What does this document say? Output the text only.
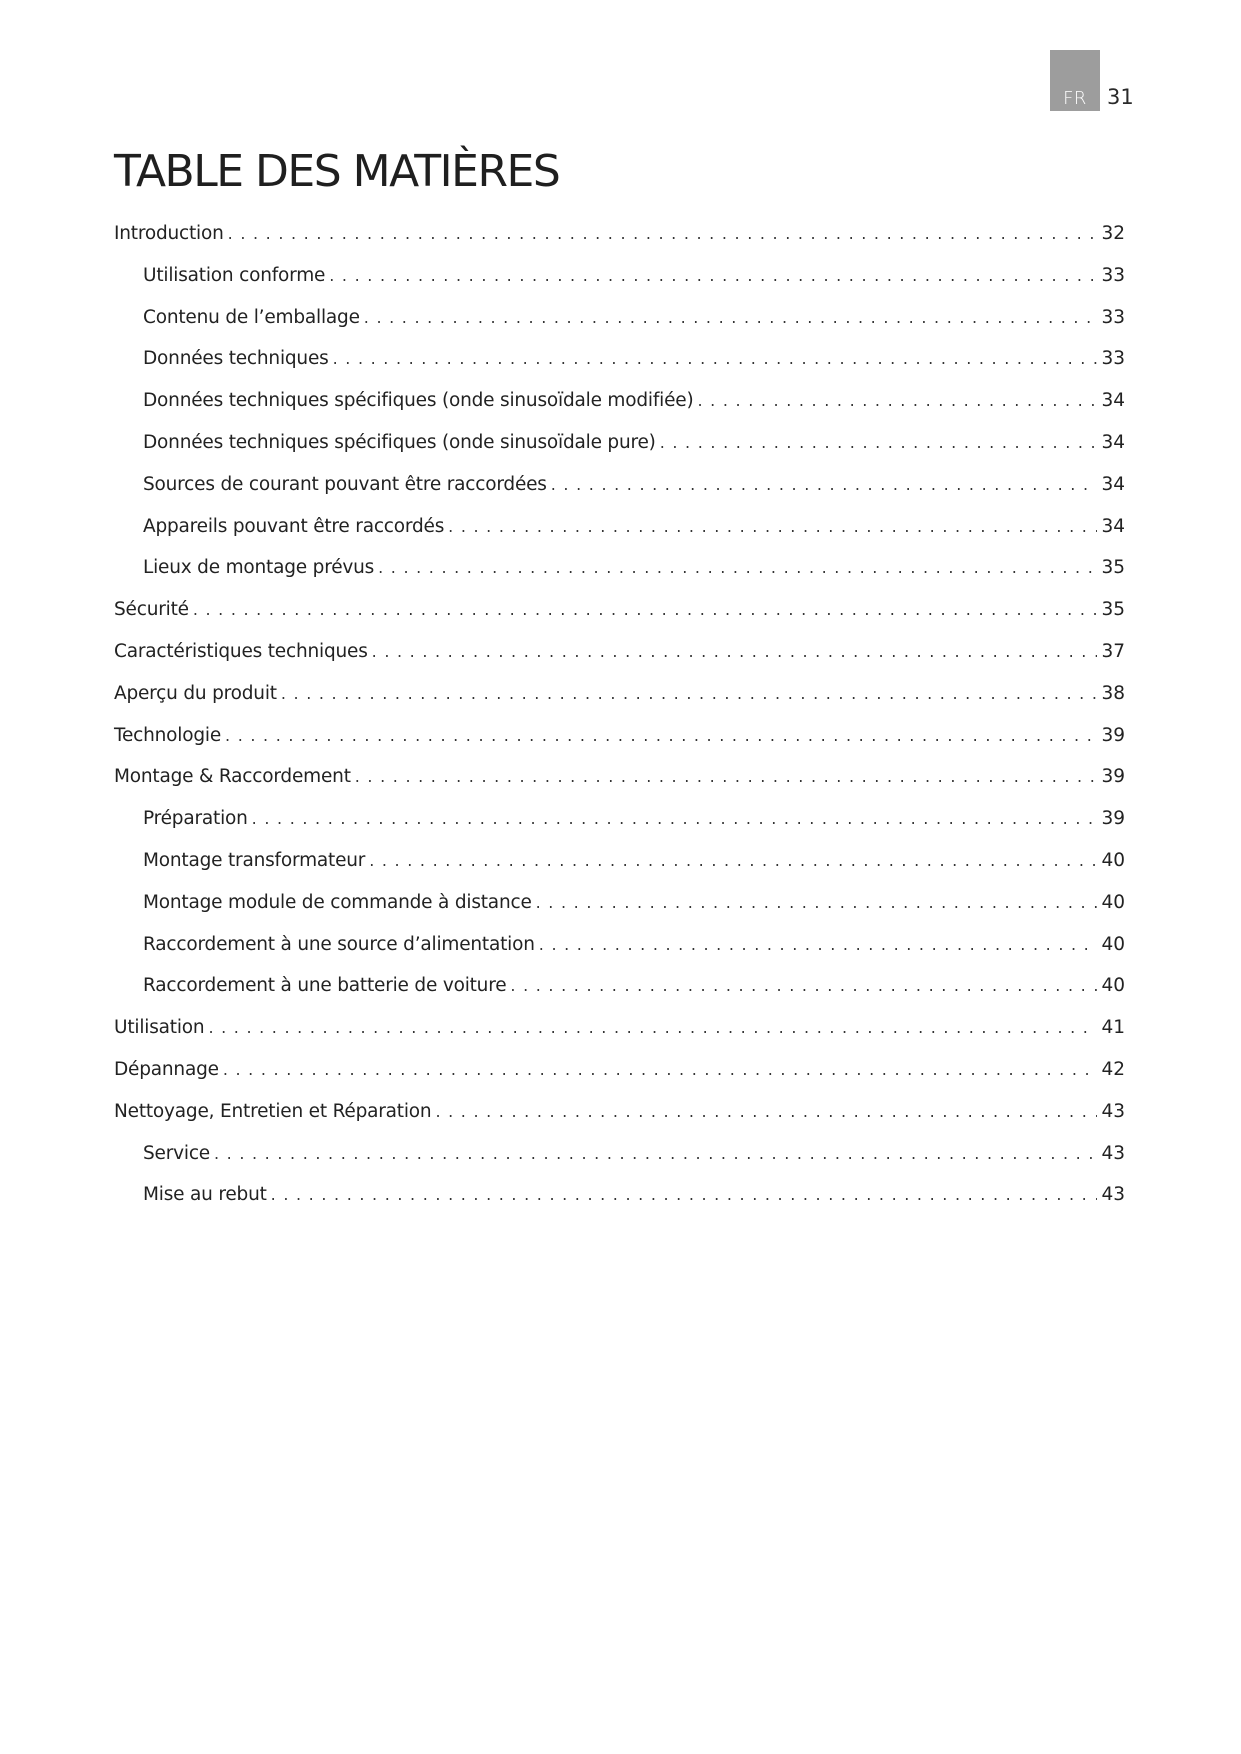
FR 31
TABLE DES MATIÈRES
Introduction . . .	32
Utilisation conforme . . .	33
Contenu de l’emballage . . .	33
Données techniques . . .	33
Données techniques spécifiques (onde sinusoïdale modifiée) . . .	34
Données techniques spécifiques (onde sinusoïdale pure) . . .	34
Sources de courant pouvant être raccordées . . .	34
Appareils pouvant être raccordés . . .	34
Lieux de montage prévus . . .	35
Sécurité . . .	35
Caractéristiques techniques . . .	37
Aperçu du produit . . .	38
Technologie . . .	39
Montage & Raccordement . . .	39
Préparation . . .	39
Montage transformateur . . .	40
Montage module de commande à distance . . .	40
Raccordement à une source d’alimentation . . .	40
Raccordement à une batterie de voiture . . .	40
Utilisation . . .	41
Dépannage . . .	42
Nettoyage, Entretien et Réparation . . .	43
Service . . .	43
Mise au rebut . . .	43
